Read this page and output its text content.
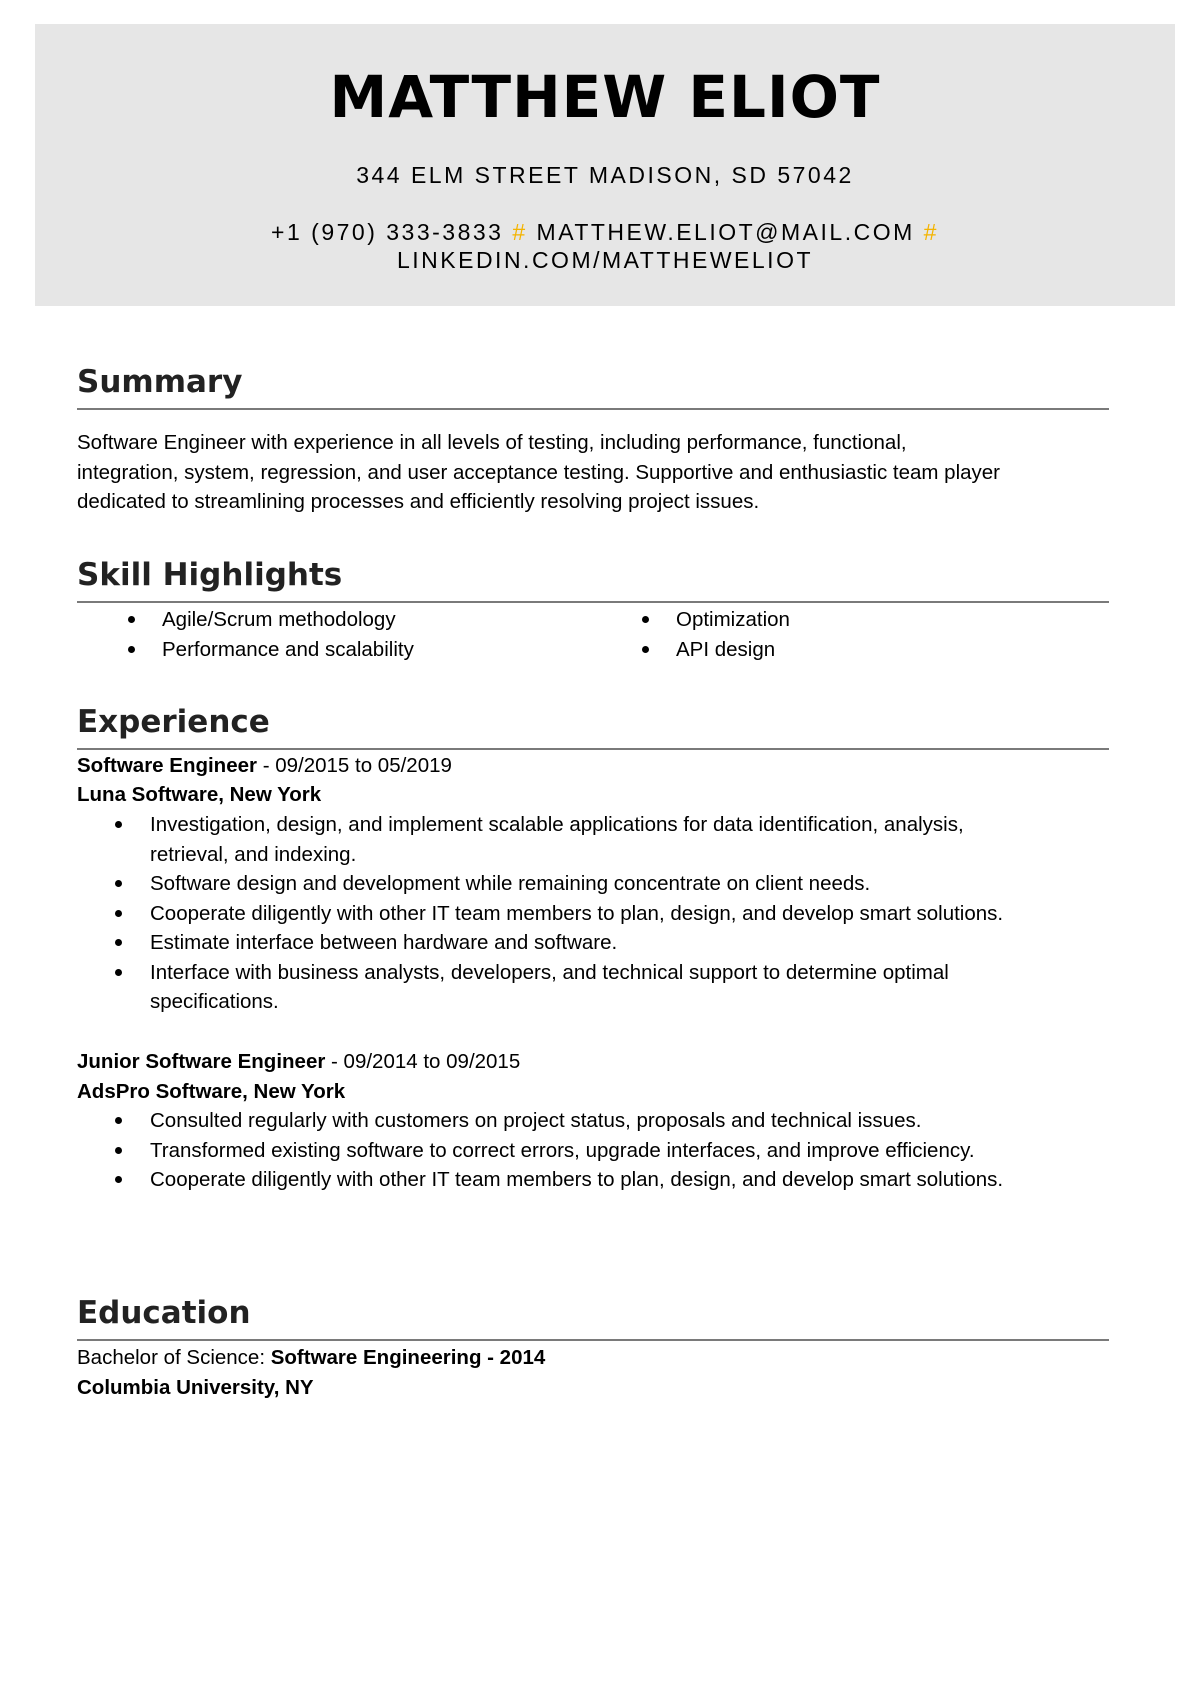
MATTHEW ELIOT
344 ELM STREET MADISON, SD 57042
+1 (970) 333-3833 # MATTHEW.ELIOT@MAIL.COM #
LINKEDIN.COM/MATTHEWELIOT
Summary
Software Engineer with experience in all levels of testing, including performance, functional,
integration, system, regression, and user acceptance testing. Supportive and enthusiastic team player
dedicated to streamlining processes and efficiently resolving project issues.
Skill Highlights
Agile/Scrum methodology
Performance and scalability
Optimization
API design
Experience
Software Engineer - 09/2015 to 05/2019
Luna Software, New York
Investigation, design, and implement scalable applications for data identification, analysis,
retrieval, and indexing.
Software design and development while remaining concentrate on client needs.
Cooperate diligently with other IT team members to plan, design, and develop smart solutions.
Estimate interface between hardware and software.
Interface with business analysts, developers, and technical support to determine optimal
specifications.
Junior Software Engineer - 09/2014 to 09/2015
AdsPro Software, New York
Consulted regularly with customers on project status, proposals and technical issues.
Transformed existing software to correct errors, upgrade interfaces, and improve efficiency.
Cooperate diligently with other IT team members to plan, design, and develop smart solutions.
Education
Bachelor of Science: Software Engineering - 2014
Columbia University, NY
